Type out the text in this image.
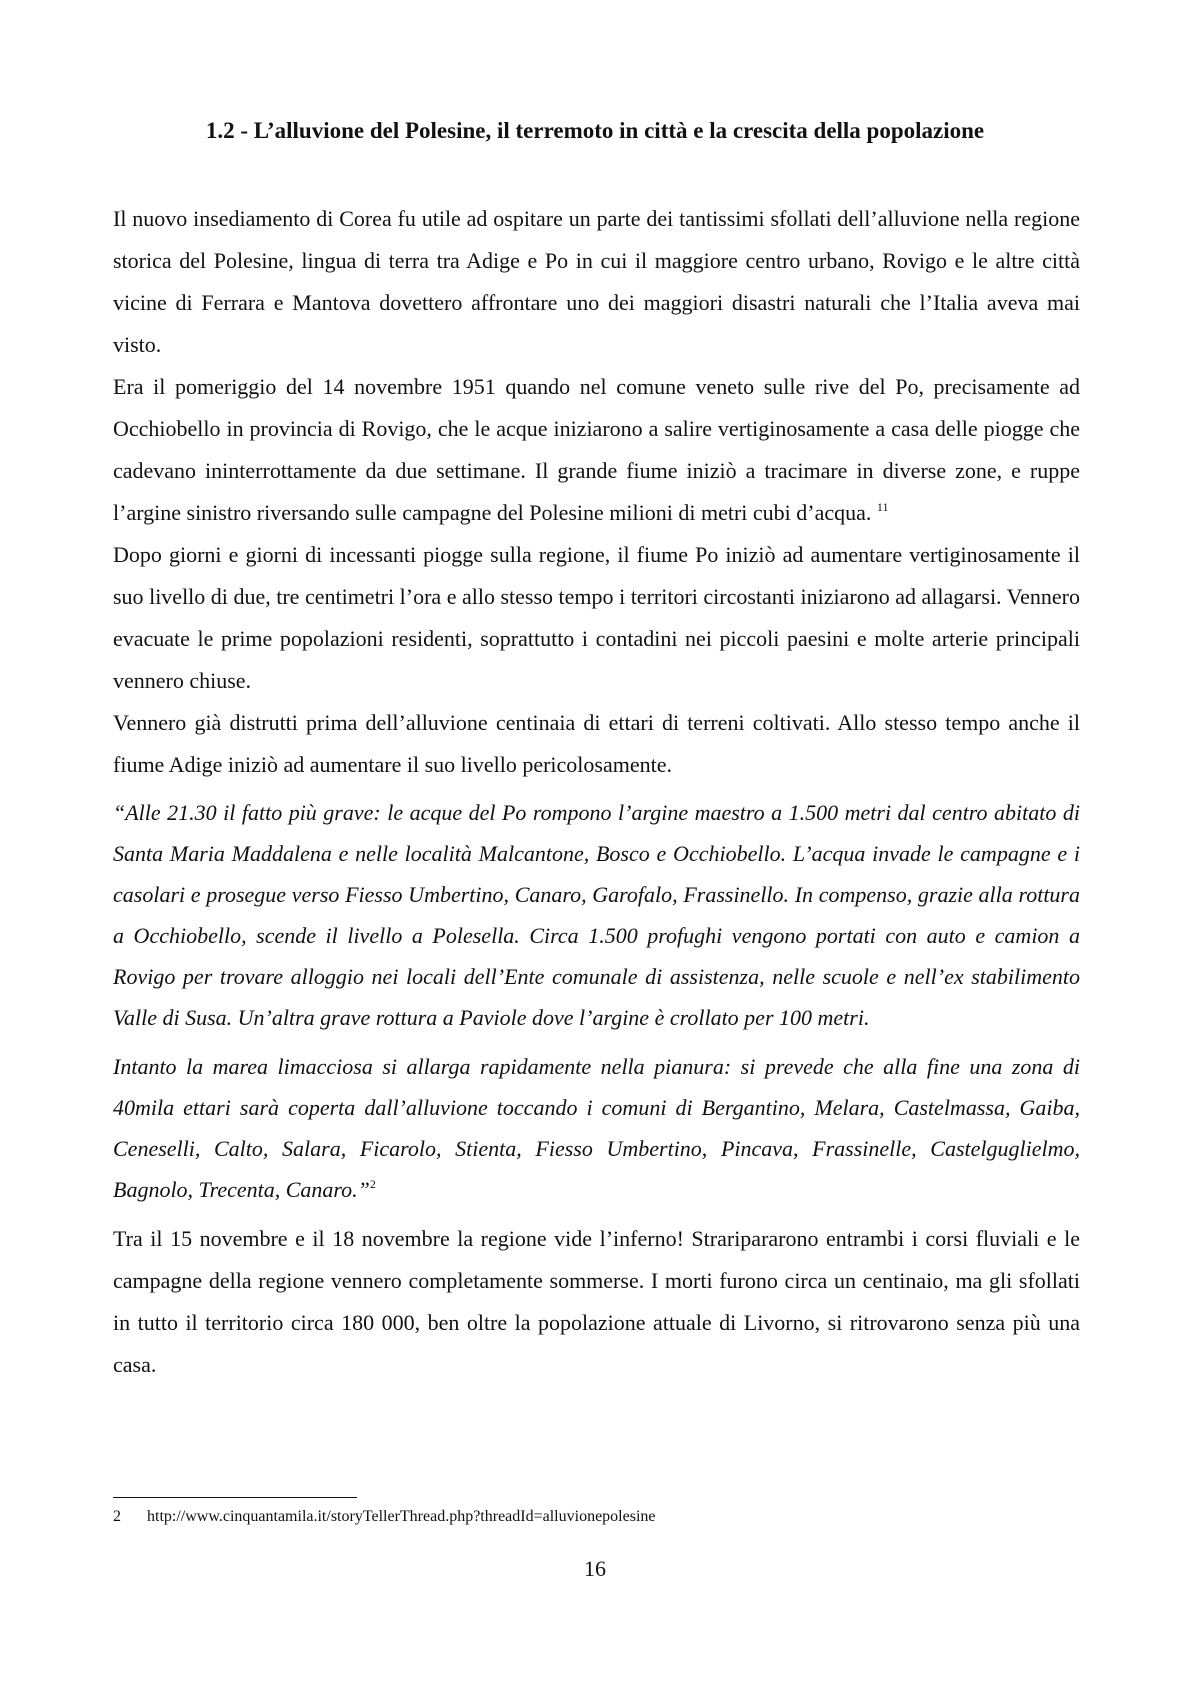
1.2 - L’alluvione del Polesine, il terremoto in città e la crescita della popolazione

Il nuovo insediamento di Corea fu utile ad ospitare un parte dei tantissimi sfollati dell’alluvione nella regione storica del Polesine, lingua di terra tra Adige e Po in cui il maggiore centro urbano, Rovigo e le altre città vicine di Ferrara e Mantova dovettero affrontare uno dei maggiori disastri naturali che l’Italia aveva mai visto.

Era il pomeriggio del 14 novembre 1951 quando nel comune veneto sulle rive del Po, precisamente ad Occhiobello in provincia di Rovigo, che le acque iniziarono a salire vertiginosamente a casa delle piogge che cadevano ininterrottamente da due settimane. Il grande fiume iniziò a tracimare in diverse zone, e ruppe l’argine sinistro riversando sulle campagne del Polesine milioni di metri cubi d’acqua. $^{11}$

Dopo giorni e giorni di incessanti piogge sulla regione, il fiume Po iniziò ad aumentare vertiginosamente il suo livello di due, tre centimetri l’ora e allo stesso tempo i territori circostanti iniziarono ad allagarsi. Vennero evacuate le prime popolazioni residenti, soprattutto i contadini nei piccoli paesini e molte arterie principali vennero chiuse.

Vennero già distrutti prima dell’alluvione centinaia di ettari di terreni coltivati. Allo stesso tempo anche il fiume Adige iniziò ad aumentare il suo livello pericolosamente.

“Alle 21.30 il fatto più grave: le acque del Po rompono l’argine maestro a 1.500 metri dal centro abitato di Santa Maria Maddalena e nelle località Malcantone, Bosco e Occhiobello. L’acqua invade le campagne e i casolari e prosegue verso Fiesso Umbertino, Canaro, Garofalo, Frassinello. In compenso, grazie alla rottura a Occhiobello, scende il livello a Polesella. Circa 1.500 profughi vengono portati con auto e camion a Rovigo per trovare alloggio nei locali dell’Ente comunale di assistenza, nelle scuole e nell’ex stabilimento Valle di Susa. Un’altra grave rottura a Paviole dove l’argine è crollato per 100 metri.

Intanto la marea limacciosa si allarga rapidamente nella pianura: si prevede che alla fine una zona di 40mila ettari sarà coperta dall’alluvione toccando i comuni di Bergantino, Melara, Castelmassa, Gaiba, Ceneselli, Calto, Salara, Ficarolo, Stienta, Fiesso Umbertino, Pincava, Frassinelle, Castelguglielmo, Bagnolo, Trecenta, Canaro.”$^2$

Tra il 15 novembre e il 18 novembre la regione vide l’inferno! Straripararono entrambi i corsi fluviali e le campagne della regione vennero completamente sommerse. I morti furono circa un centinaio, ma gli sfollati in tutto il territorio circa 180 000, ben oltre la popolazione attuale di Livorno, si ritrovarono senza più una casa.

2 http://www.cinquantamila.it/storyTellerThread.php?threadId=alluvionepolesine
16
